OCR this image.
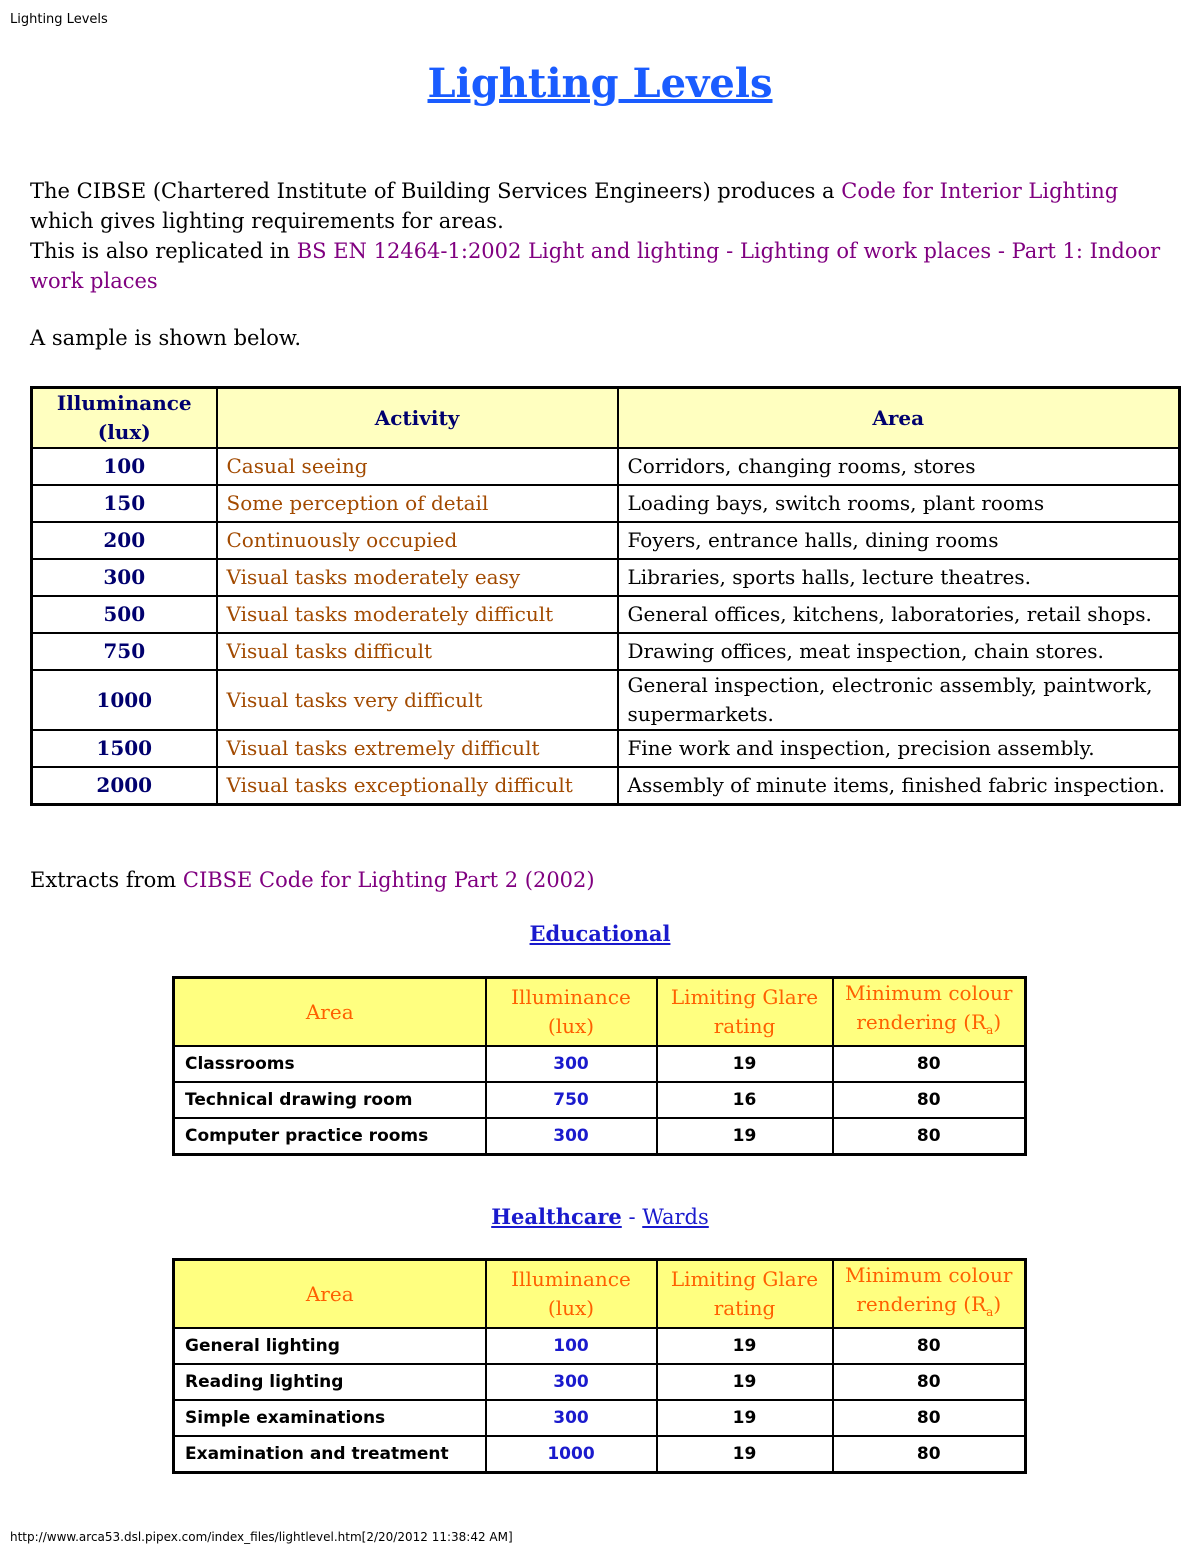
Lighting Levels
Lighting Levels

The CIBSE (Chartered Institute of Building Services Engineers) produces a Code for Interior Lighting which gives lighting requirements for areas.

This is also replicated in BS EN 12464-1:2002 Light and lighting - Lighting of work places - Part 1: Indoor work places

A sample is shown below.
Illuminance (lux)	Activity	Area
100	Casual seeing	Corridors, changing rooms, stores
150	Some perception of detail	Loading bays, switch rooms, plant rooms
200	Continuously occupied	Foyers, entrance halls, dining rooms
300	Visual tasks moderately easy	Libraries, sports halls, lecture theatres.
500	Visual tasks moderately difficult	General offices, kitchens, laboratories, retail shops.
750	Visual tasks difficult	Drawing offices, meat inspection, chain stores.
1000	Visual tasks very difficult	General inspection, electronic assembly, paintwork, supermarkets.
1500	Visual tasks extremely difficult	Fine work and inspection, precision assembly.
2000	Visual tasks exceptionally difficult	Assembly of minute items, finished fabric inspection.
Extracts from CIBSE Code for Lighting Part 2 (2002)
Educational
Area	Illuminance (lux)	Limiting Glare rating	Minimum colour rendering $(R_a)$
Classrooms	300	19	80
Technical drawing room	750	16	80
Computer practice rooms	300	19	80
Healthcare - Wards
Area	Illuminance (lux)	Limiting Glare rating	Minimum colour rendering $(R_a)$
General lighting	100	19	80
Reading lighting	300	19	80
Simple examinations	300	19	80
Examination and treatment	1000	19	80
http://www.arca53.dsl.pipex.com/index_files/lightlevel.htm[2/20/2012 11:38:42 AM]
